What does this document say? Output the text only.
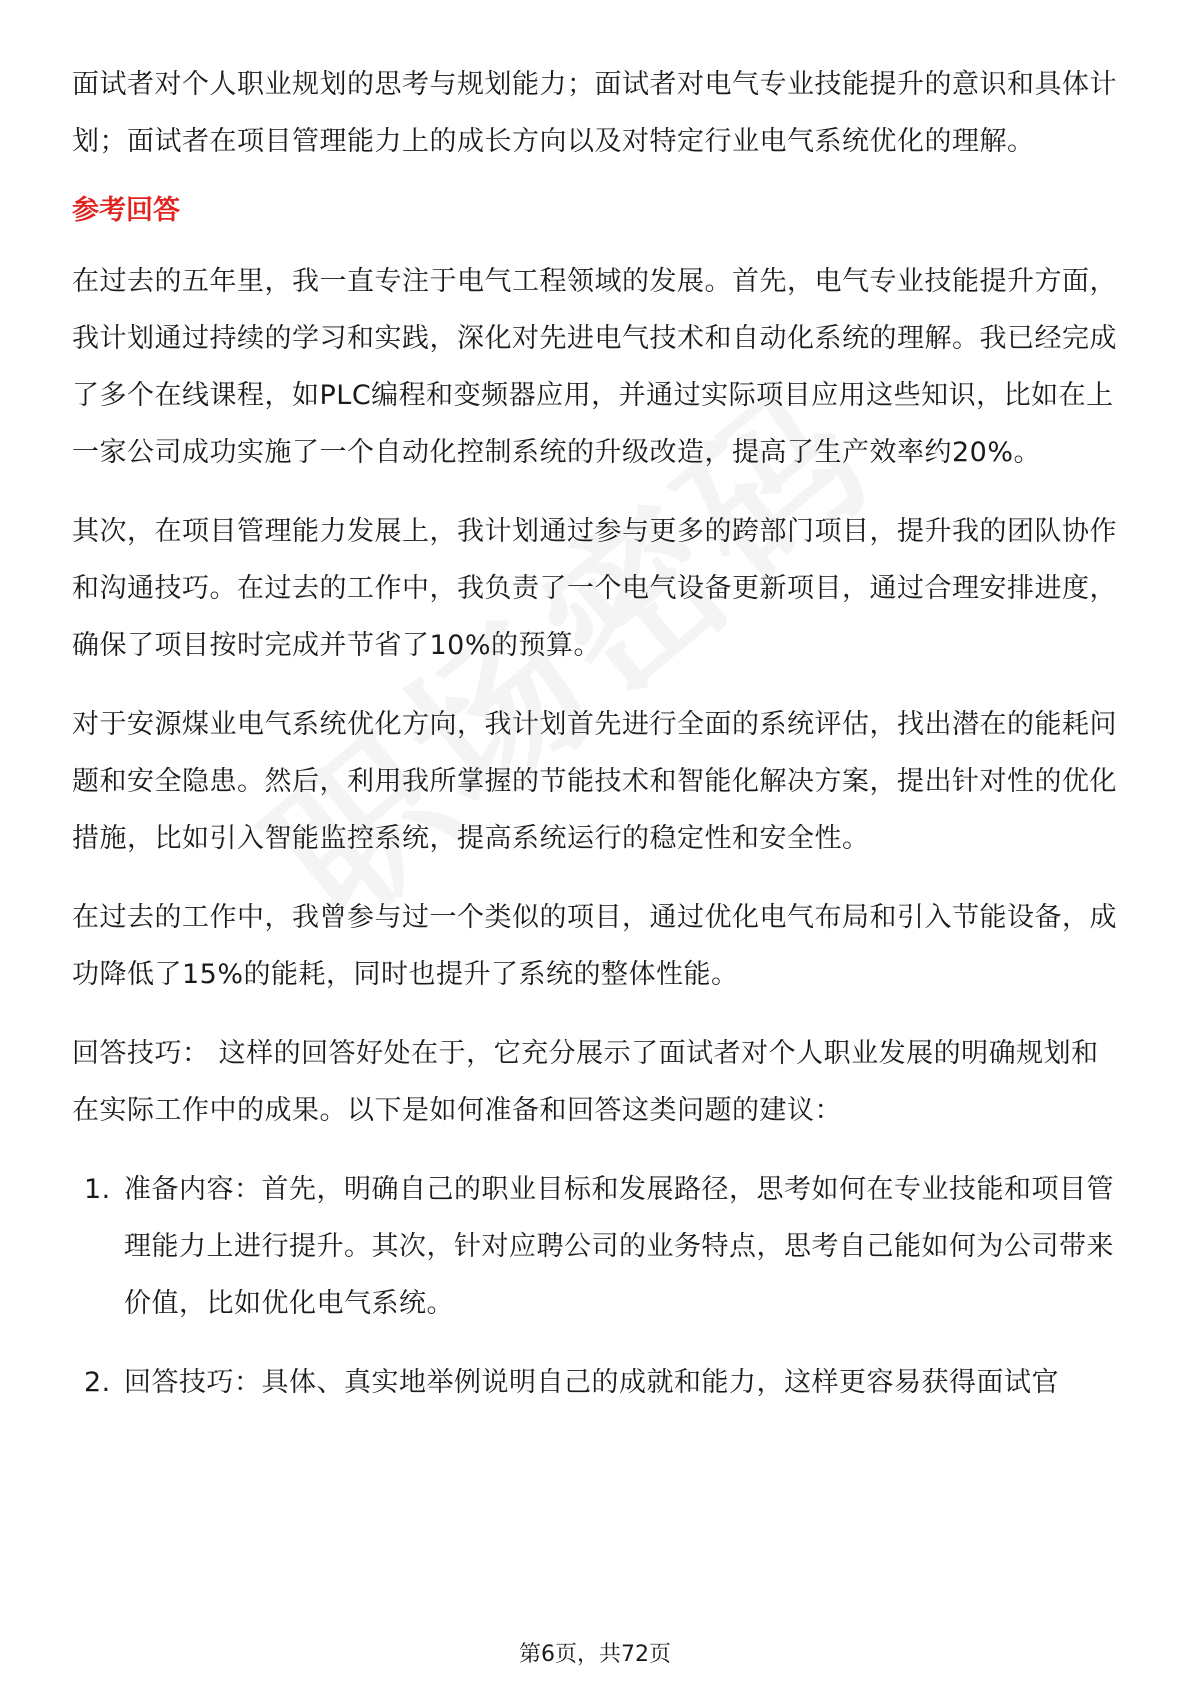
面试者对个人职业规划的思考与规划能力；面试者对电气专业技能提升的意识和具体计划；面试者在项目管理能力上的成长方向以及对特定行业电气系统优化的理解。

参考回答

在过去的五年里，我一直专注于电气工程领域的发展。首先，电气专业技能提升方面，我计划通过持续的学习和实践，深化对先进电气技术和自动化系统的理解。我已经完成了多个在线课程，如PLC编程和变频器应用，并通过实际项目应用这些知识，比如在上一家公司成功实施了一个自动化控制系统的升级改造，提高了生产效率约20%。

其次，在项目管理能力发展上，我计划通过参与更多的跨部门项目，提升我的团队协作和沟通技巧。在过去的工作中，我负责了一个电气设备更新项目，通过合理安排进度，确保了项目按时完成并节省了10%的预算。

对于安源煤业电气系统优化方向，我计划首先进行全面的系统评估，找出潜在的能耗问题和安全隐患。然后，利用我所掌握的节能技术和智能化解决方案，提出针对性的优化措施，比如引入智能监控系统，提高系统运行的稳定性和安全性。

在过去的工作中，我曾参与过一个类似的项目，通过优化电气布局和引入节能设备，成功降低了15%的能耗，同时也提升了系统的整体性能。

回答技巧： 这样的回答好处在于，它充分展示了面试者对个人职业发展的明确规划和在实际工作中的成果。以下是如何准备和回答这类问题的建议：

1. 准备内容：首先，明确自己的职业目标和发展路径，思考如何在专业技能和项目管理能力上进行提升。其次，针对应聘公司的业务特点，思考自己能如何为公司带来价值，比如优化电气系统。
2. 回答技巧：具体、真实地举例说明自己的成就和能力，这样更容易获得面试官
第6页，共72页
